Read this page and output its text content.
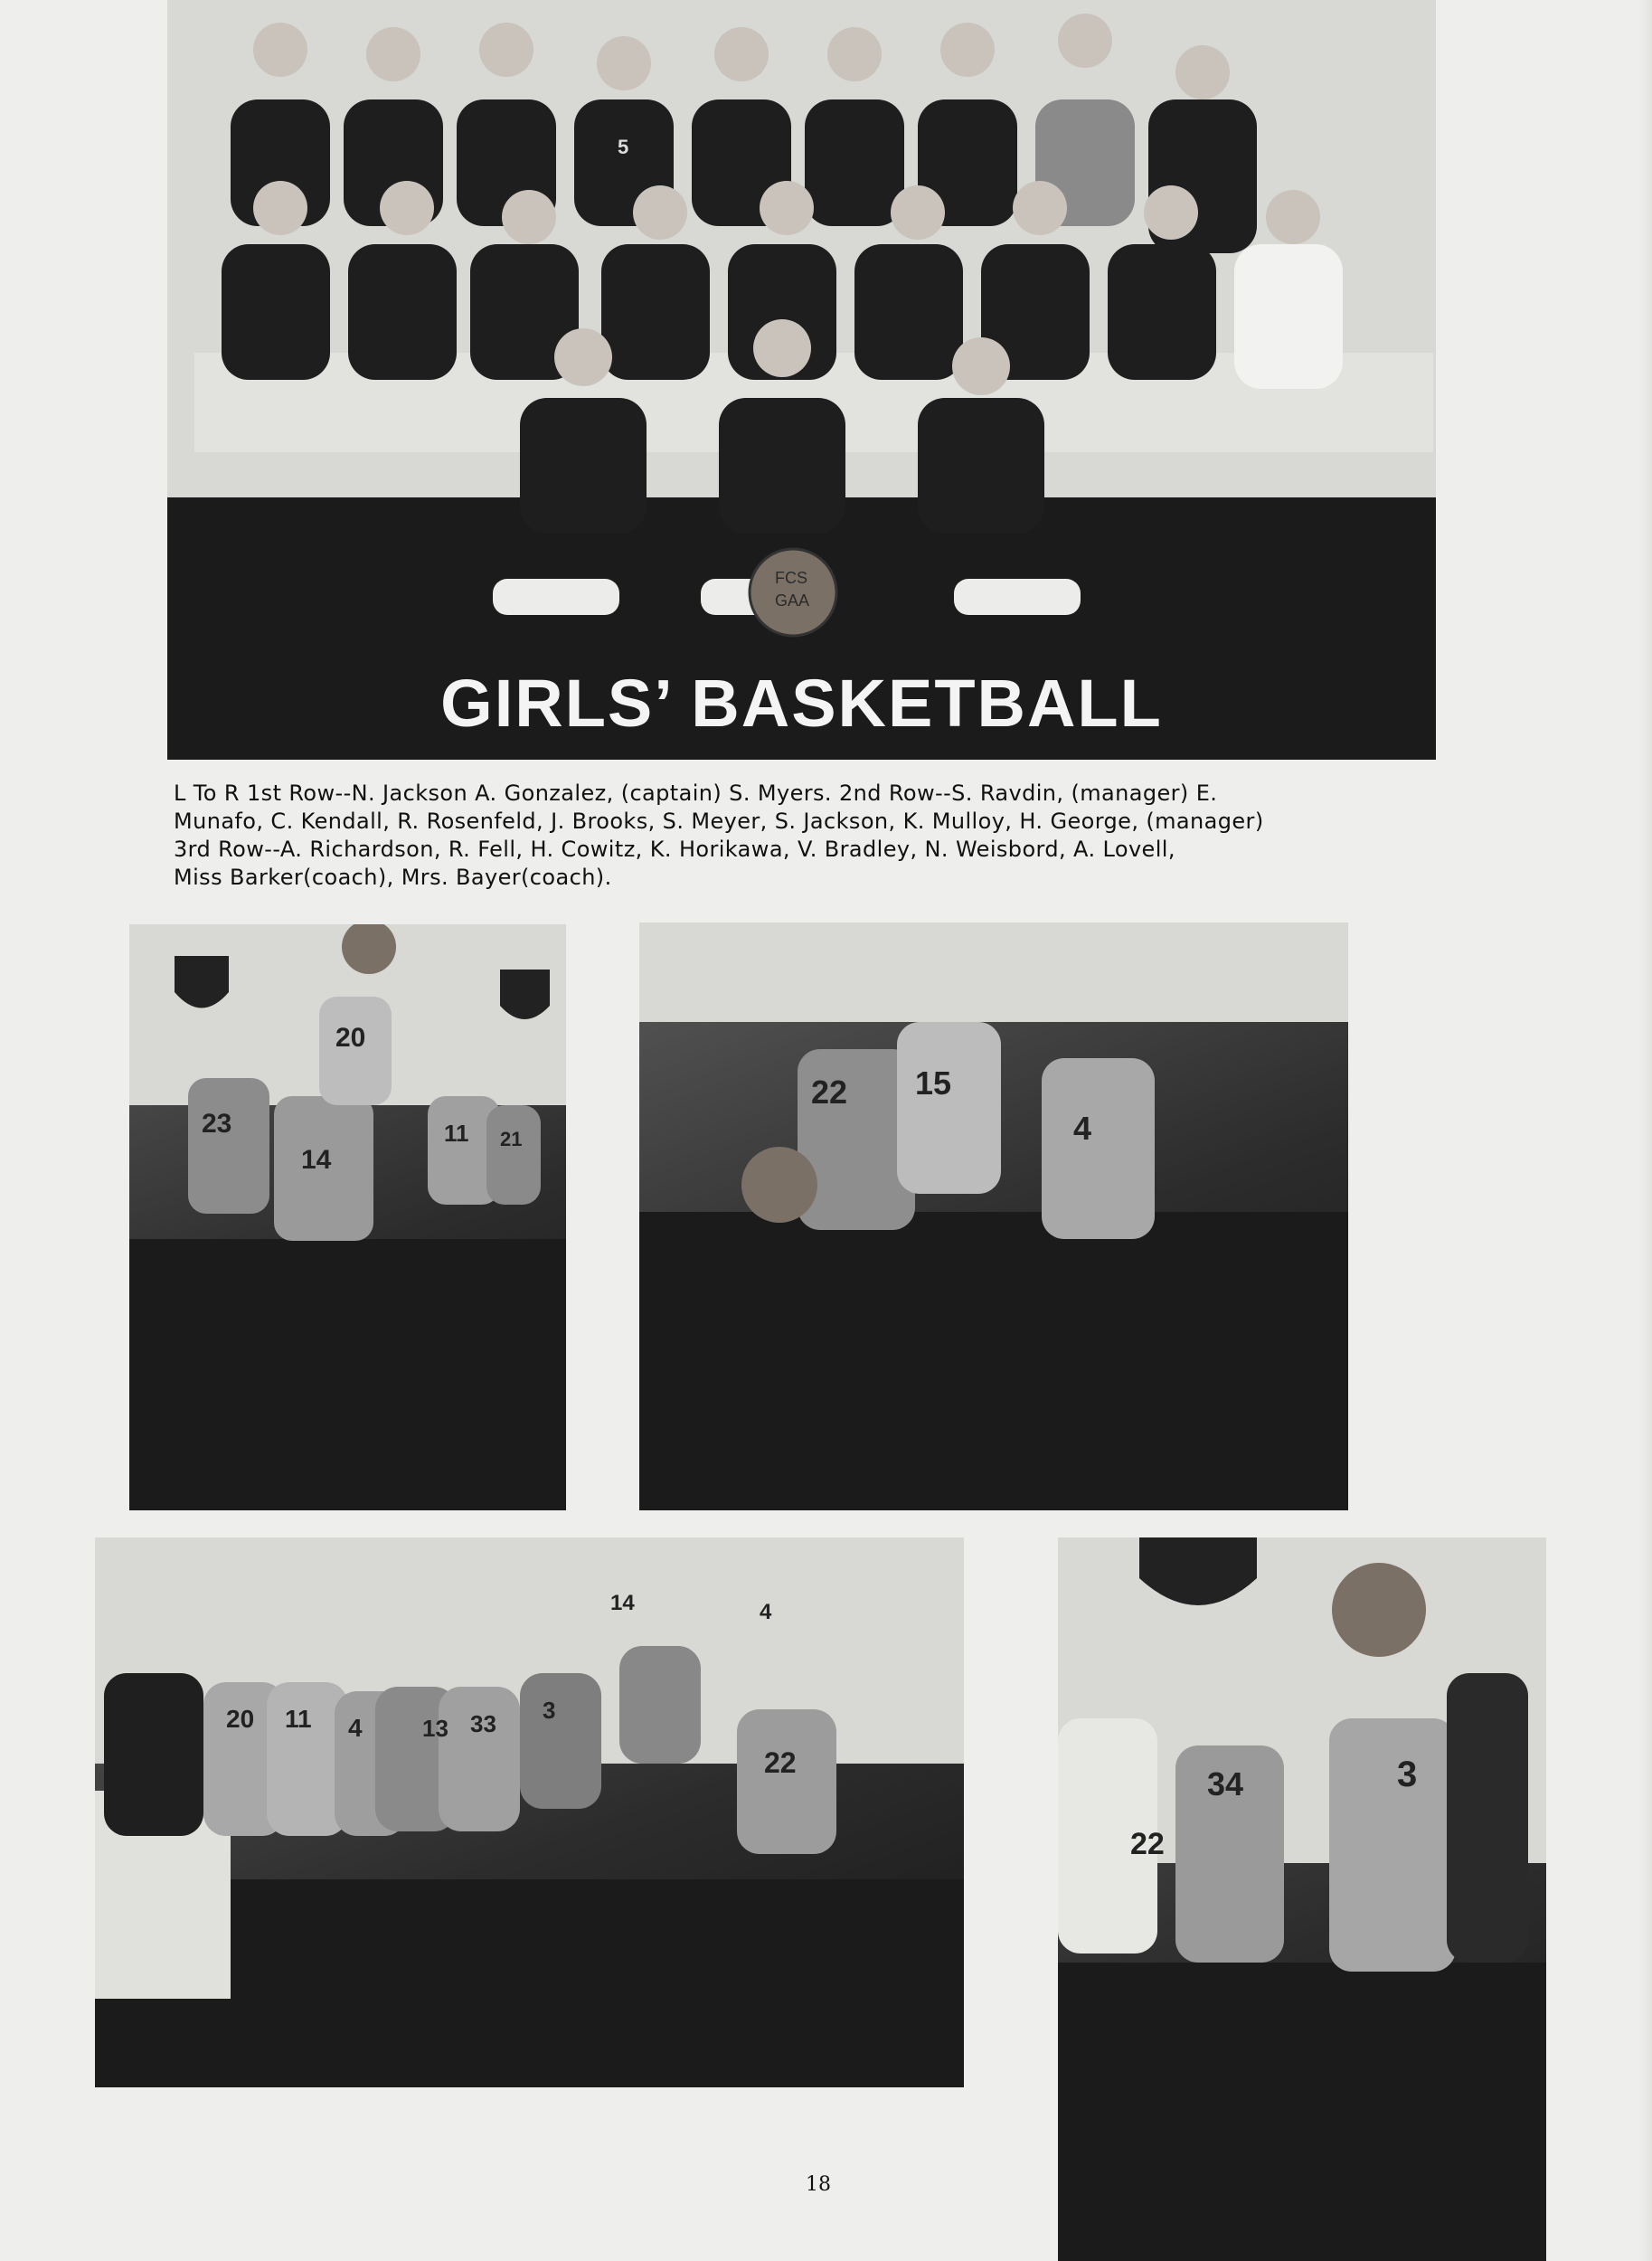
FCS
GAA
5
GIRLS’ BASKETBALL
L To R 1st Row--N. Jackson A. Gonzalez, (captain) S. Myers. 2nd Row--S. Ravdin, (manager) E.
Munafo, C. Kendall, R. Rosenfeld, J. Brooks, S. Meyer, S. Jackson, K. Mulloy, H. George, (manager)
3rd Row--A. Richardson, R. Fell, H. Cowitz, K. Horikawa, V. Bradley, N. Weisbord, A. Lovell,
Miss Barker(coach), Mrs. Bayer(coach).
23
14
20
11 21
22 15
4
20 11 4	13 33 3
22
14	4
22
34	3
18
